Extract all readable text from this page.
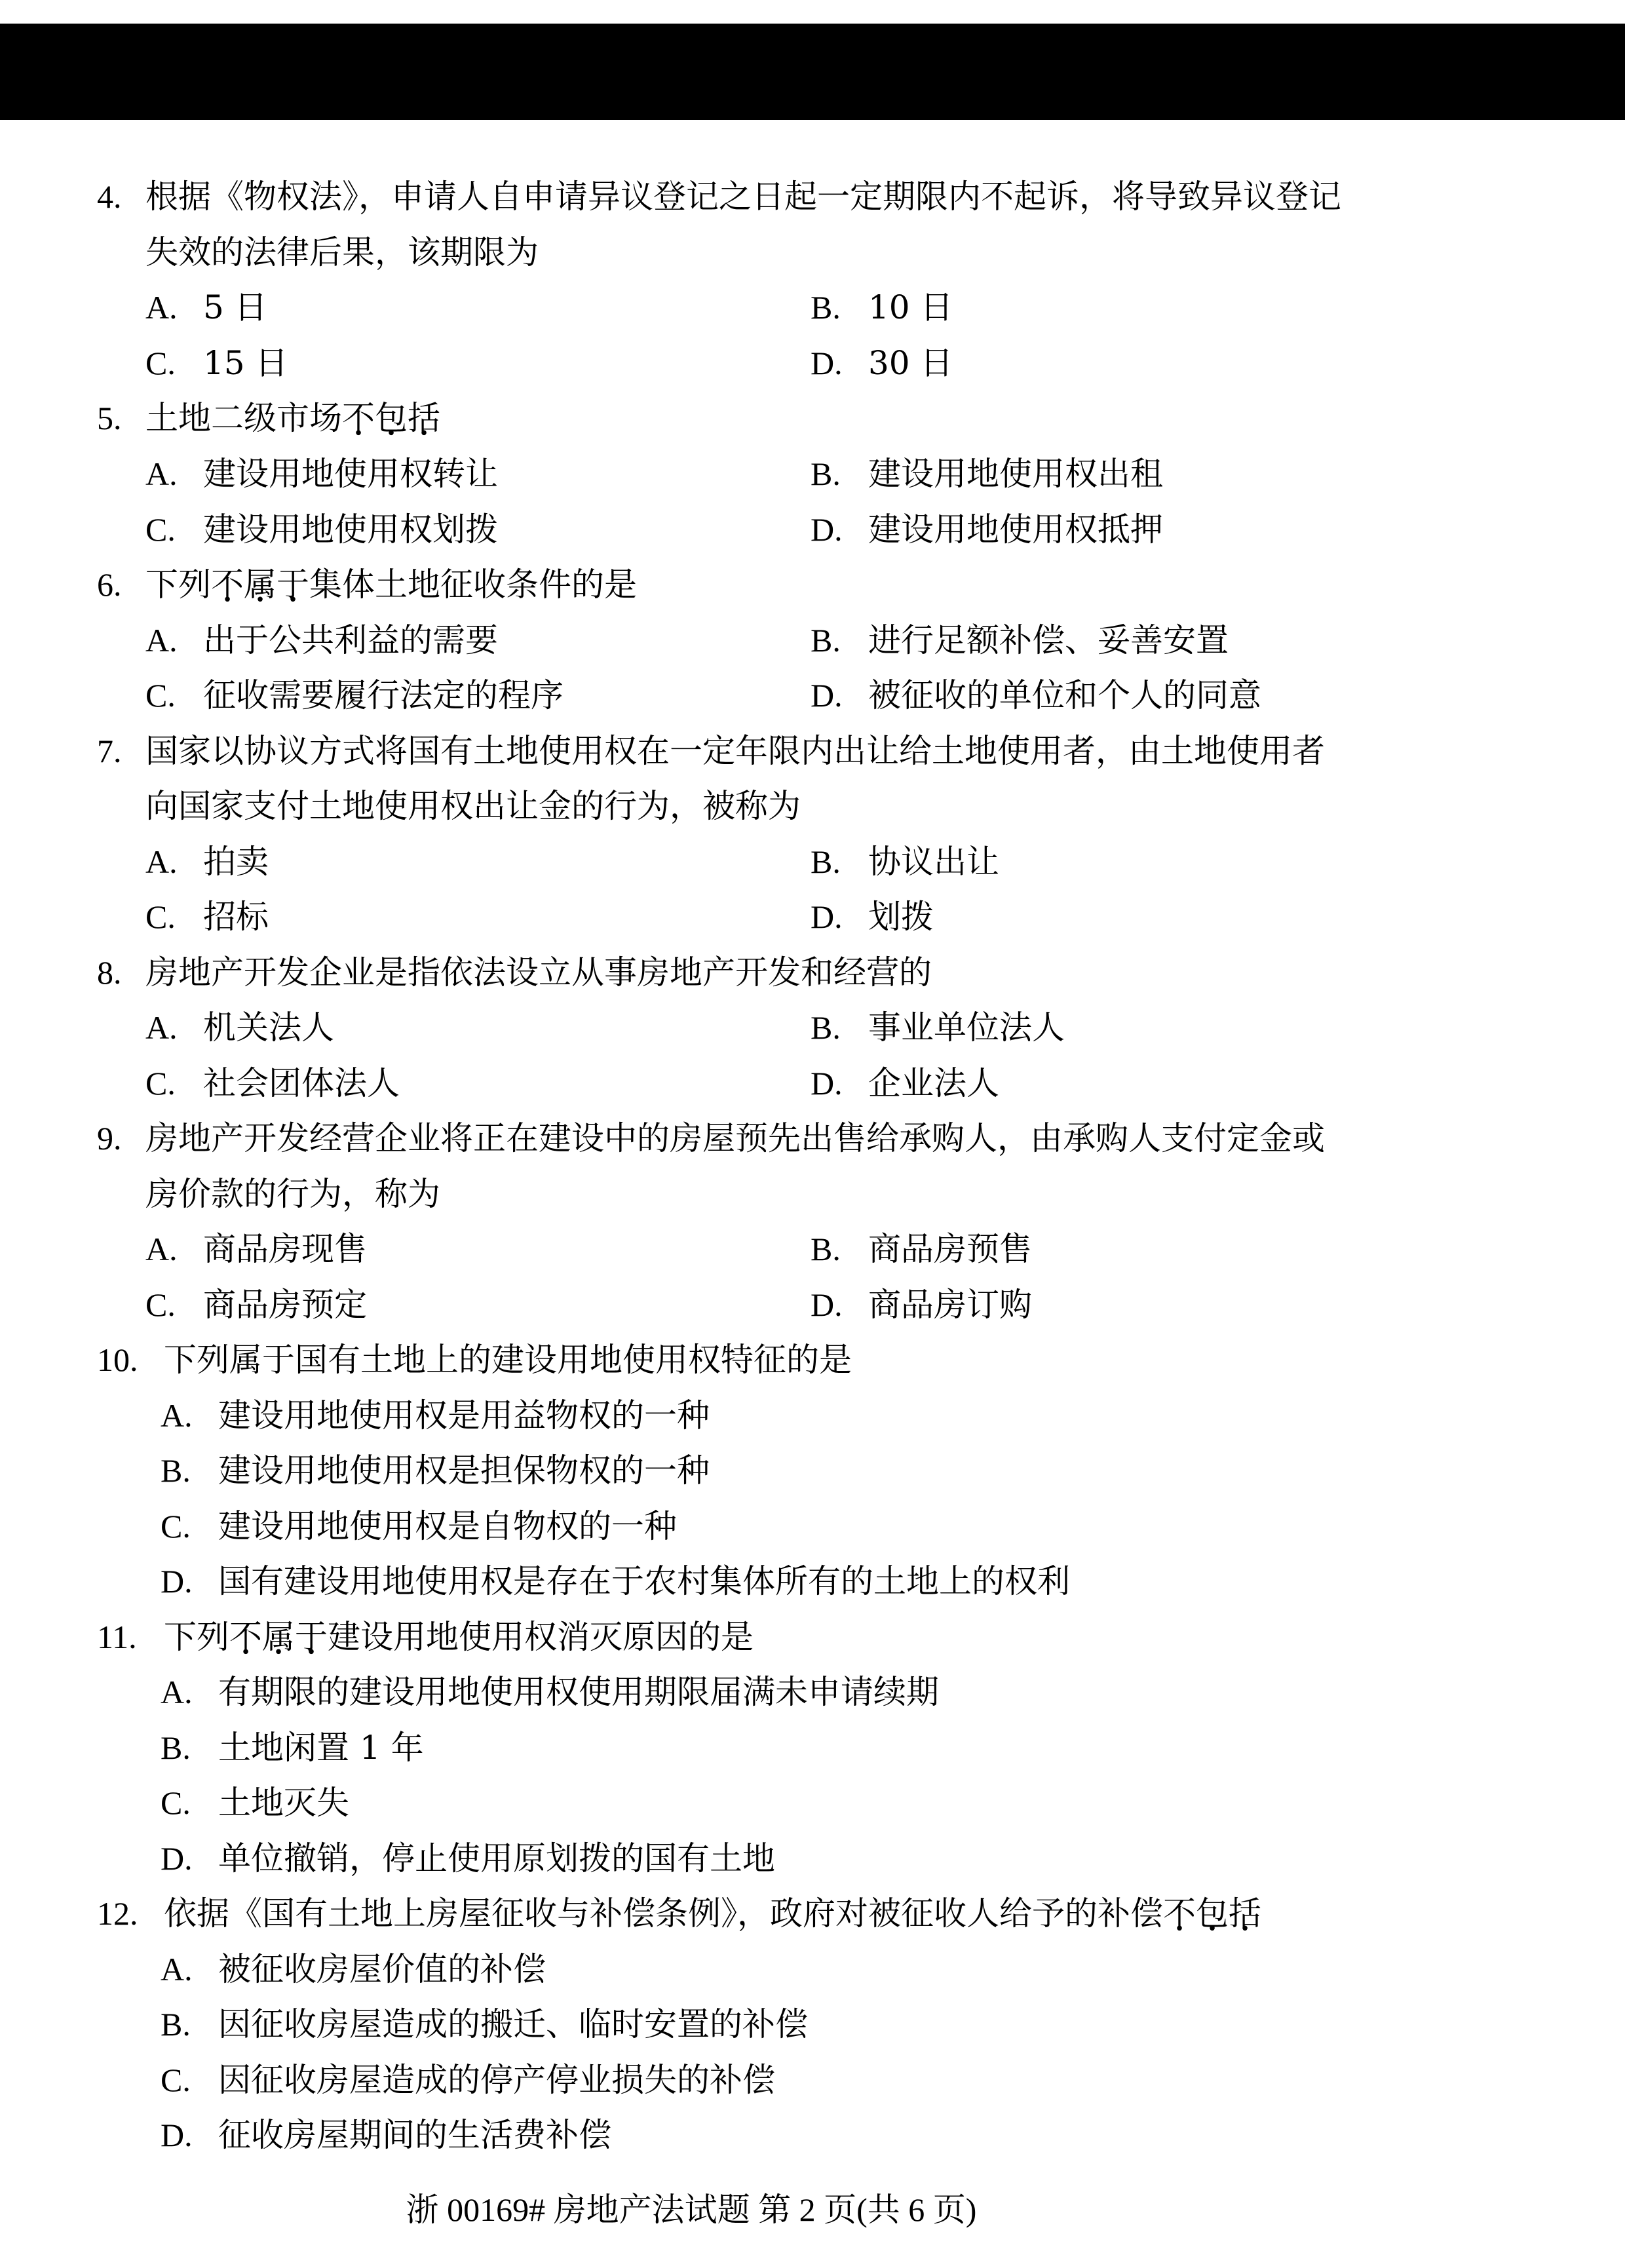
4. 根据《物权法》，申请人自申请异议登记之日起一定期限内不起诉，将导致异议登记
失效的法律后果，该期限为
A. 5 日	B. 10 日
C. 15 日	D. 30 日
5. 土地二级市场不包括
A. 建设用地使用权转让	B. 建设用地使用权出租
C. 建设用地使用权划拨	D. 建设用地使用权抵押
6. 下列不属于集体土地征收条件的是
A. 出于公共利益的需要	B. 进行足额补偿、妥善安置
C. 征收需要履行法定的程序	D. 被征收的单位和个人的同意
7. 国家以协议方式将国有土地使用权在一定年限内出让给土地使用者，由土地使用者
向国家支付土地使用权出让金的行为，被称为
A. 拍卖	B. 协议出让
C. 招标	D. 划拨
8. 房地产开发企业是指依法设立从事房地产开发和经营的
A. 机关法人	B. 事业单位法人
C. 社会团体法人	D. 企业法人
9. 房地产开发经营企业将正在建设中的房屋预先出售给承购人，由承购人支付定金或
房价款的行为，称为
A. 商品房现售	B. 商品房预售
C. 商品房预定	D. 商品房订购
10. 下列属于国有土地上的建设用地使用权特征的是
A. 建设用地使用权是用益物权的一种
B. 建设用地使用权是担保物权的一种
C. 建设用地使用权是自物权的一种
D. 国有建设用地使用权是存在于农村集体所有的土地上的权利
11. 下列不属于建设用地使用权消灭原因的是
A. 有期限的建设用地使用权使用期限届满未申请续期
B. 土地闲置 1 年
C. 土地灭失
D. 单位撤销，停止使用原划拨的国有土地
12. 依据《国有土地上房屋征收与补偿条例》，政府对被征收人给予的补偿不包括
A. 被征收房屋价值的补偿
B. 因征收房屋造成的搬迁、临时安置的补偿
C. 因征收房屋造成的停产停业损失的补偿
D. 征收房屋期间的生活费补偿
浙 00169# 房地产法试题 第 2 页(共 6 页)
